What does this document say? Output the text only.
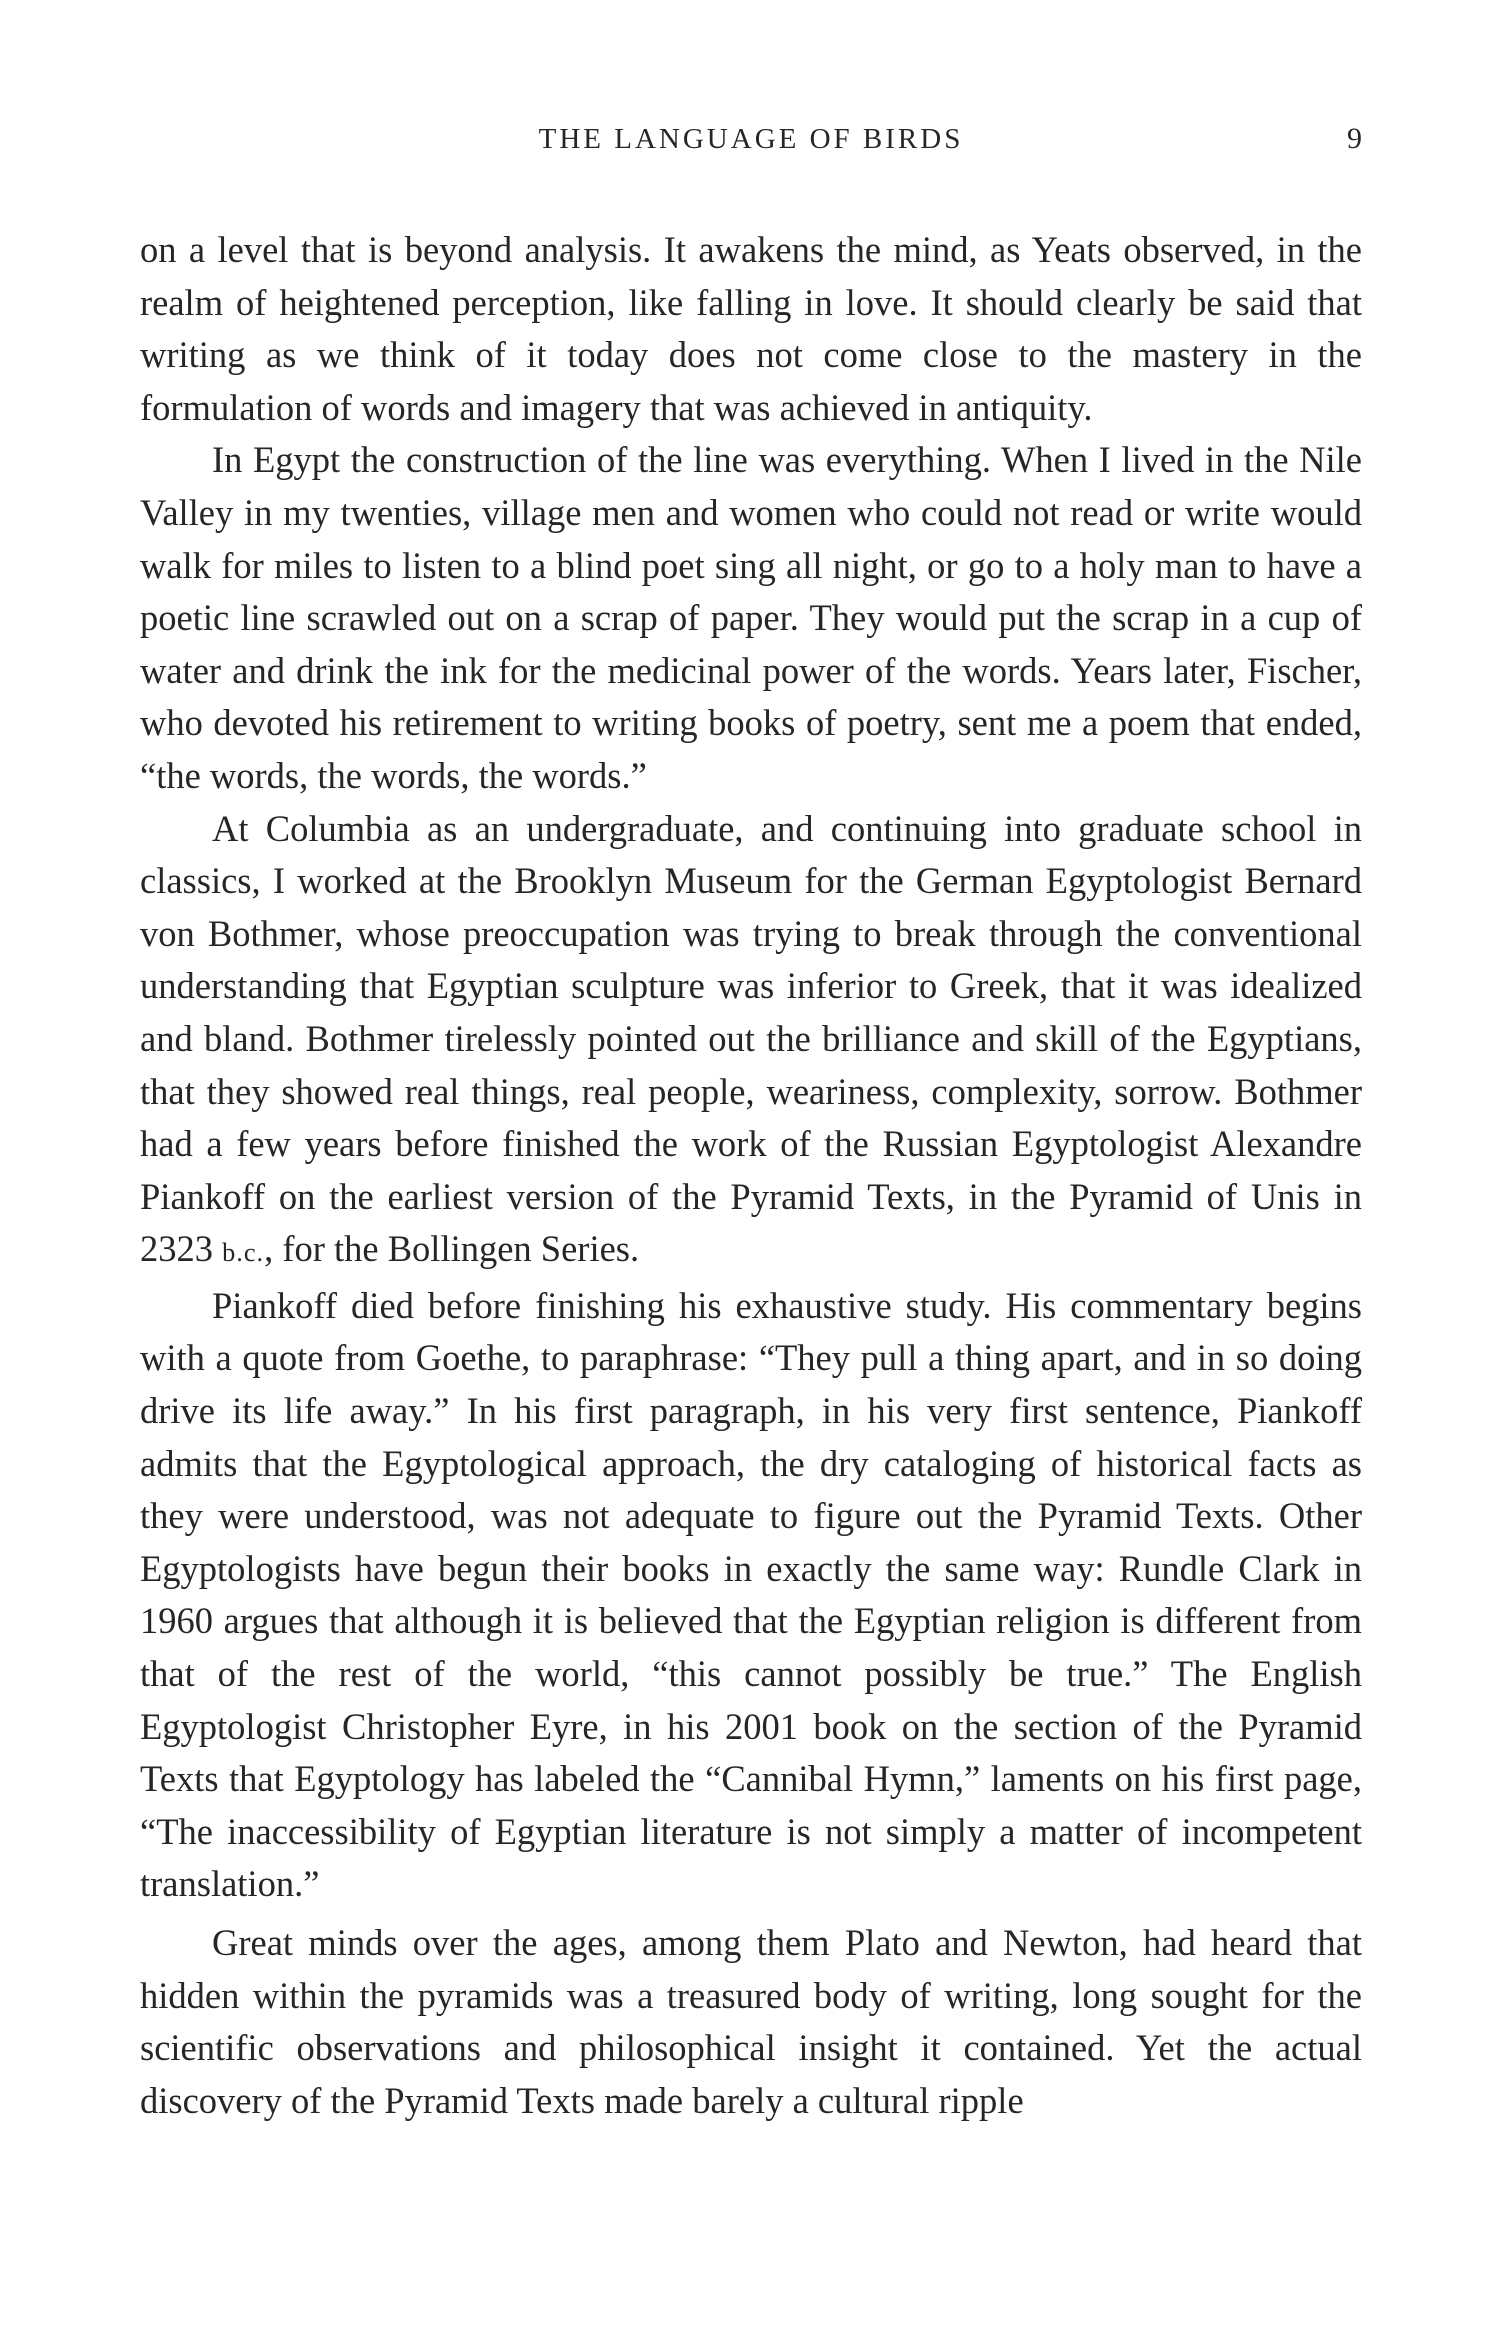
THE LANGUAGE OF BIRDS	9

on a level that is beyond analysis. It awakens the mind, as Yeats observed, in the realm of heightened perception, like falling in love. It should clearly be said that writing as we think of it today does not come close to the mastery in the formulation of words and imagery that was achieved in antiquity.

In Egypt the construction of the line was everything. When I lived in the Nile Valley in my twenties, village men and women who could not read or write would walk for miles to listen to a blind poet sing all night, or go to a holy man to have a poetic line scrawled out on a scrap of paper. They would put the scrap in a cup of water and drink the ink for the medicinal power of the words. Years later, Fischer, who devoted his retirement to writing books of poetry, sent me a poem that ended, “the words, the words, the words.”

At Columbia as an undergraduate, and continuing into graduate school in classics, I worked at the Brooklyn Museum for the German Egyptologist Bernard von Bothmer, whose preoccupation was trying to break through the conventional understanding that Egyptian sculpture was inferior to Greek, that it was idealized and bland. Bothmer tirelessly pointed out the brilliance and skill of the Egyptians, that they showed real things, real people, weariness, complexity, sorrow. Bothmer had a few years before finished the work of the Russian Egyptologist Alexandre Piankoff on the earliest version of the Pyramid Texts, in the Pyramid of Unis in 2323 b.c., for the Bollingen Series.

Piankoff died before finishing his exhaustive study. His commentary begins with a quote from Goethe, to paraphrase: “They pull a thing apart, and in so doing drive its life away.” In his first paragraph, in his very first sentence, Piankoff admits that the Egyptological approach, the dry cataloging of historical facts as they were understood, was not adequate to figure out the Pyramid Texts. Other Egyptologists have begun their books in exactly the same way: Rundle Clark in 1960 argues that although it is believed that the Egyptian religion is different from that of the rest of the world, “this cannot possibly be true.” The English Egyptologist Christopher Eyre, in his 2001 book on the section of the Pyramid Texts that Egyptology has labeled the “Cannibal Hymn,” laments on his first page, “The inaccessibility of Egyptian literature is not simply a matter of incompetent translation.”

Great minds over the ages, among them Plato and Newton, had heard that hidden within the pyramids was a treasured body of writing, long sought for the scientific observations and philosophical insight it contained. Yet the actual discovery of the Pyramid Texts made barely a cultural ripple
